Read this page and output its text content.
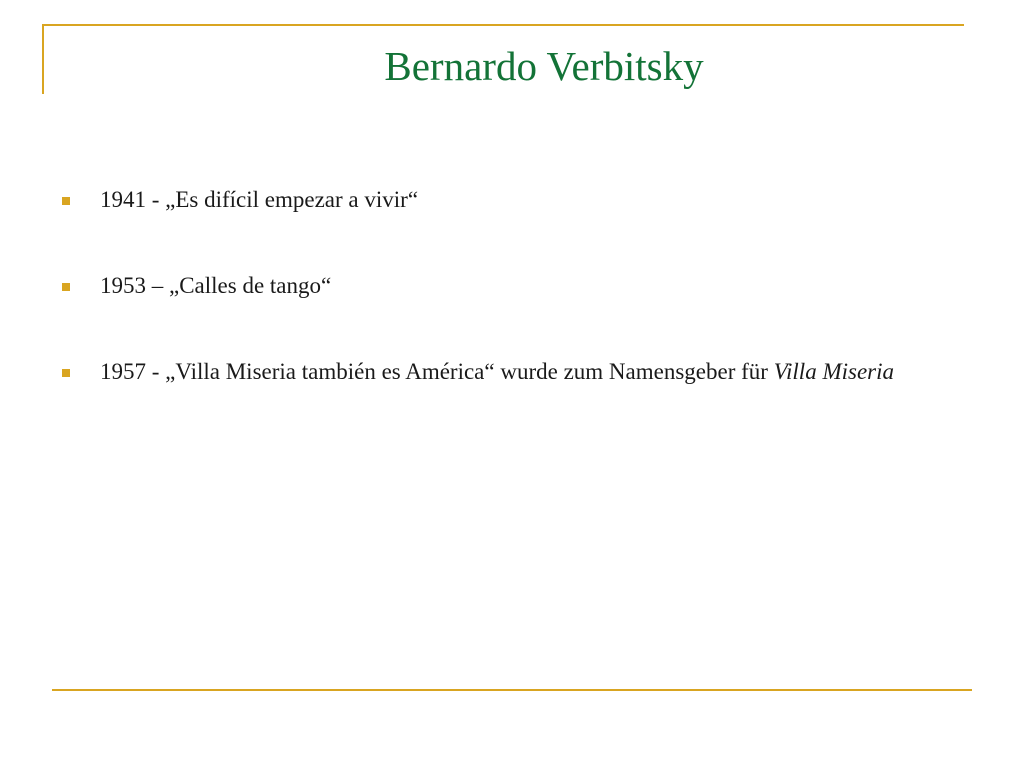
Bernardo Verbitsky
1941 - „Es difícil empezar a vivir“
1953 – „Calles de tango“
1957 - „Villa Miseria también es América“ wurde zum Namensgeber für Villa Miseria
